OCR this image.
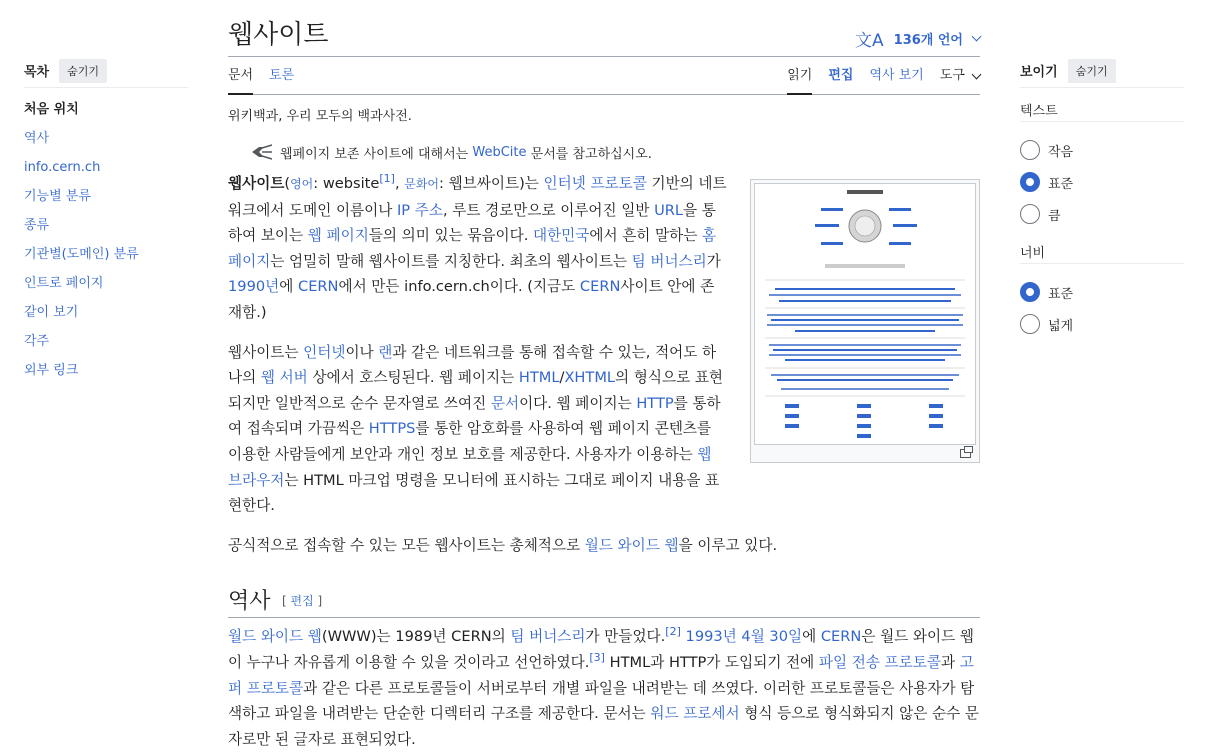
목차	숨기기
처음 위치
역사
info.cern.ch
기능별 분류
종류
기관별(도메인) 분류
인트로 페이지
같이 보기
각주
외부 링크
웹사이트	文A 136개 언어
문서 토론	읽기 편집 역사 보기 도구
위키백과, 우리 모두의 백과사전.
웹페이지 보존 사이트에 대해서는
WebCite
문서를 참고하십시오.

웹사이트(영어: website[1], 문화어: 웹브싸이트)는 인터넷 프로토콜 기반의 네트워크에서 도메인 이름이나 IP 주소, 루트 경로만으로 이루어진 일반 URL을 통하여 보이는 웹 페이지들의 의미 있는 묶음이다. 대한민국에서 흔히 말하는 홈페이지는 엄밀히 말해 웹사이트를 지칭한다. 최초의 웹사이트는 팀 버너스리가 1990년에 CERN에서 만든 info.cern.ch이다. (지금도 CERN사이트 안에 존재함.)

웹사이트는 인터넷이나 랜과 같은 네트워크를 통해 접속할 수 있는, 적어도 하나의 웹 서버 상에서 호스팅된다. 웹 페이지는 HTML/XHTML의 형식으로 표현되지만 일반적으로 순수 문자열로 쓰여진 문서이다. 웹 페이지는 HTTP를 통하여 접속되며 가끔씩은 HTTPS를 통한 암호화를 사용하여 웹 페이지 콘텐츠를 이용한 사람들에게 보안과 개인 정보 보호를 제공한다. 사용자가 이용하는 웹 브라우저는 HTML 마크업 명령을 모니터에 표시하는 그대로 페이지 내용을 표현한다.

공식적으로 접속할 수 있는 모든 웹사이트는 총체적으로 월드 와이드 웹을 이루고 있다.

역사 [ 편집 ]
월드 와이드 웹(WWW)는 1989년 CERN의 팀 버너스리가 만들었다.[2] 1993년 4월 30일에 CERN은 월드 와이드 웹이 누구나 자유롭게 이용할 수 있을 것이라고 선언하였다.[3] HTML과 HTTP가 도입되기 전에 파일 전송 프로토콜과 고퍼 프로토콜과 같은 다른 프로토콜들이 서버로부터 개별 파일을 내려받는 데 쓰였다. 이러한 프로토콜들은 사용자가 탐색하고 파일을 내려받는 단순한 디렉터리 구조를 제공한다. 문서는 워드 프로세서 형식 등으로 형식화되지 않은 순수 문자로만 된 글자로 표현되었다.
보이기	숨기기
텍스트
작음
표준
큼
너비
표준
넓게
